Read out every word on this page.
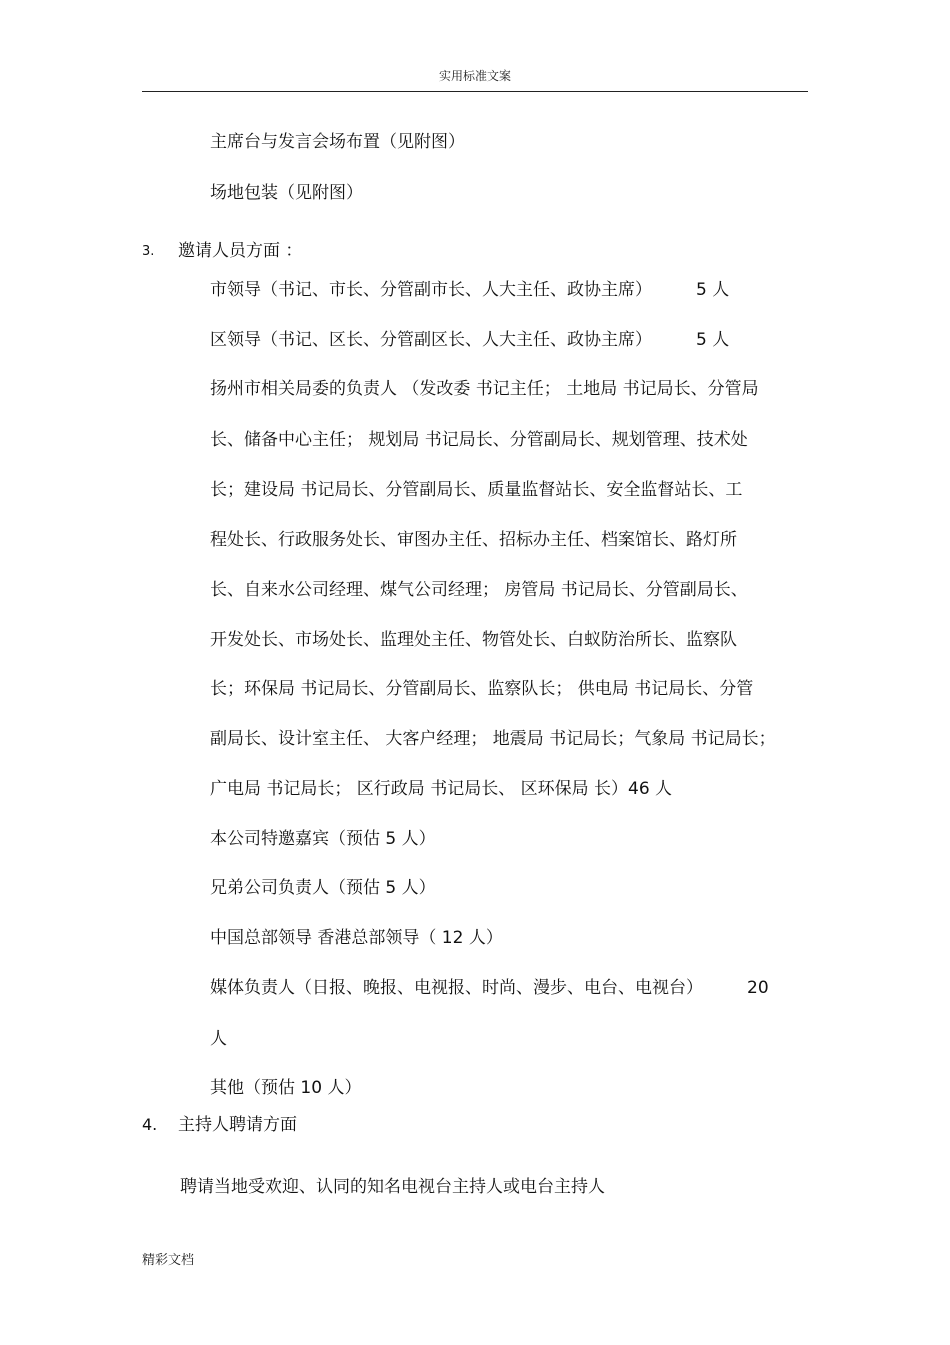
实用标准文案
主席台与发言会场布置（见附图）
场地包装（见附图）
3. 邀请人员方面 ：
市领导（书记、市长、分管副市长、人大主任、政协主席）	5 人
区领导（书记、区长、分管副区长、人大主任、政协主席）	5 人
扬州市相关局委的负责人 （发改委 书记主任； 土地局 书记局长、分管局
长、储备中心主任； 规划局 书记局长、分管副局长、规划管理、技术处
长；建设局 书记局长、分管副局长、质量监督站长、安全监督站长、工
程处长、行政服务处长、审图办主任、招标办主任、档案馆长、路灯所
长、自来水公司经理、煤气公司经理； 房管局 书记局长、分管副局长、
开发处长、市场处长、监理处主任、物管处长、白蚁防治所长、监察队
长；环保局 书记局长、分管副局长、监察队长； 供电局 书记局长、分管
副局长、设计室主任、 大客户经理； 地震局 书记局长；气象局 书记局长；
广电局 书记局长； 区行政局 书记局长、 区环保局 长）46 人
本公司特邀嘉宾（预估 5 人）
兄弟公司负责人（预估 5 人）
中国总部领导 香港总部领导（ 12 人）
媒体负责人（日报、晚报、电视报、时尚、漫步、电台、电视台）	20
人
其他（预估 10 人）
4. 主持人聘请方面
聘请当地受欢迎、认同的知名电视台主持人或电台主持人
精彩文档
